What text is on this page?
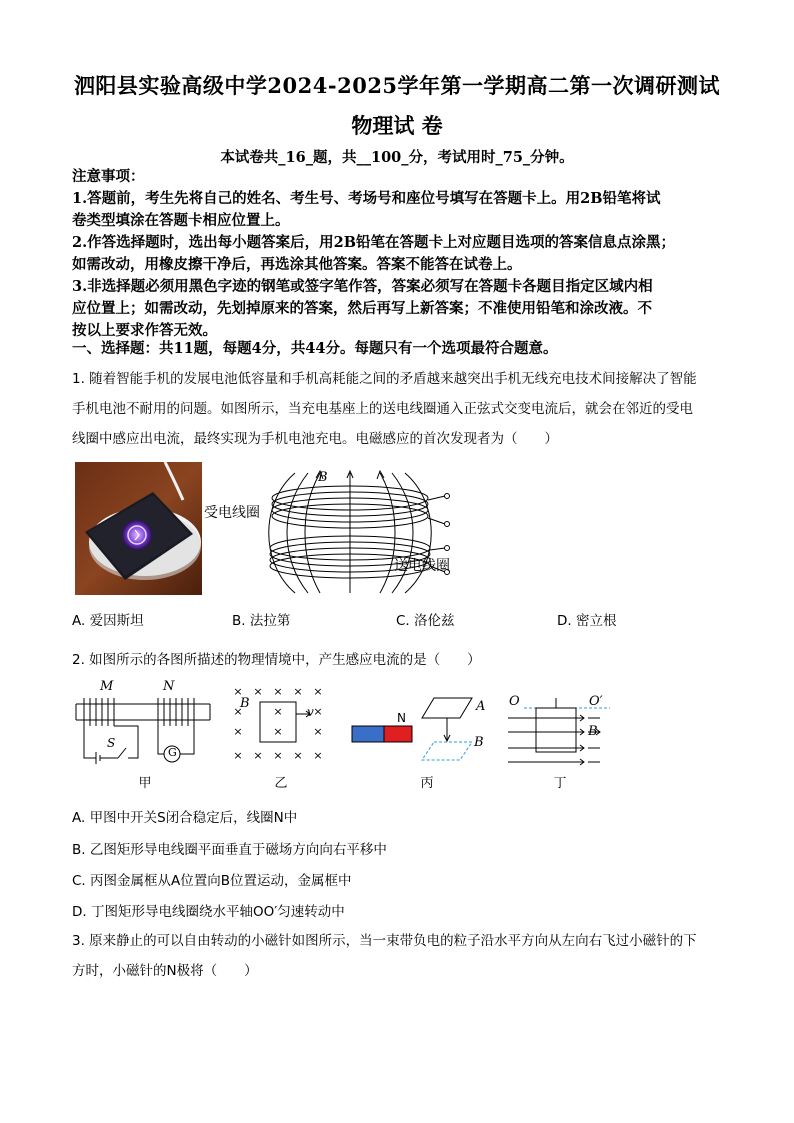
泗阳县实验高级中学2024-2025学年第一学期高二第一次调研测试
物理试 卷
本试卷共_16_题，共__100_分，考试用时_75_分钟。
注意事项：
1.答题前，考生先将自己的姓名、考生号、考场号和座位号填写在答题卡上。用2B铅笔将试
卷类型填涂在答题卡相应位置上。
2.作答选择题时，选出每小题答案后，用2B铅笔在答题卡上对应题目选项的答案信息点涂黑；
如需改动，用橡皮擦干净后，再选涂其他答案。答案不能答在试卷上。
3.非选择题必须用黑色字迹的钢笔或签字笔作答，答案必须写在答题卡各题目指定区域内相
应位置上；如需改动，先划掉原来的答案，然后再写上新答案；不准使用铅笔和涂改液。不
按以上要求作答无效。
一、选择题：共11题，每题4分，共44分。每题只有一个选项最符合题意。
1. 随着智能手机的发展电池低容量和手机高耗能之间的矛盾越来越突出手机无线充电技术间接解决了智能
手机电池不耐用的问题。如图所示，当充电基座上的送电线圈通入正弦式交变电流后，就会在邻近的受电
线圈中感应出电流，最终实现为手机电池充电。电磁感应的首次发现者为（　　）
B
受电线圈
送电线圈
A. 爱因斯坦	B. 法拉第	C. 洛伦兹	D. 密立根
2. 如图所示的各图所描述的物理情境中，产生感应电流的是（　　）
M	N
S
G
甲
× × × × ×
×	×	×
×	×	×
× × × × ×
B
v
乙
N
A
B
丙
O	O′
B
丁
A. 甲图中开关S闭合稳定后，线圈N中
B. 乙图矩形导电线圈平面垂直于磁场方向向右平移中
C. 丙图金属框从A位置向B位置运动，金属框中
D. 丁图矩形导电线圈绕水平轴OO′匀速转动中
3. 原来静止的可以自由转动的小磁针如图所示，当一束带负电的粒子沿水平方向从左向右飞过小磁针的下
方时，小磁针的N极将（　　）
